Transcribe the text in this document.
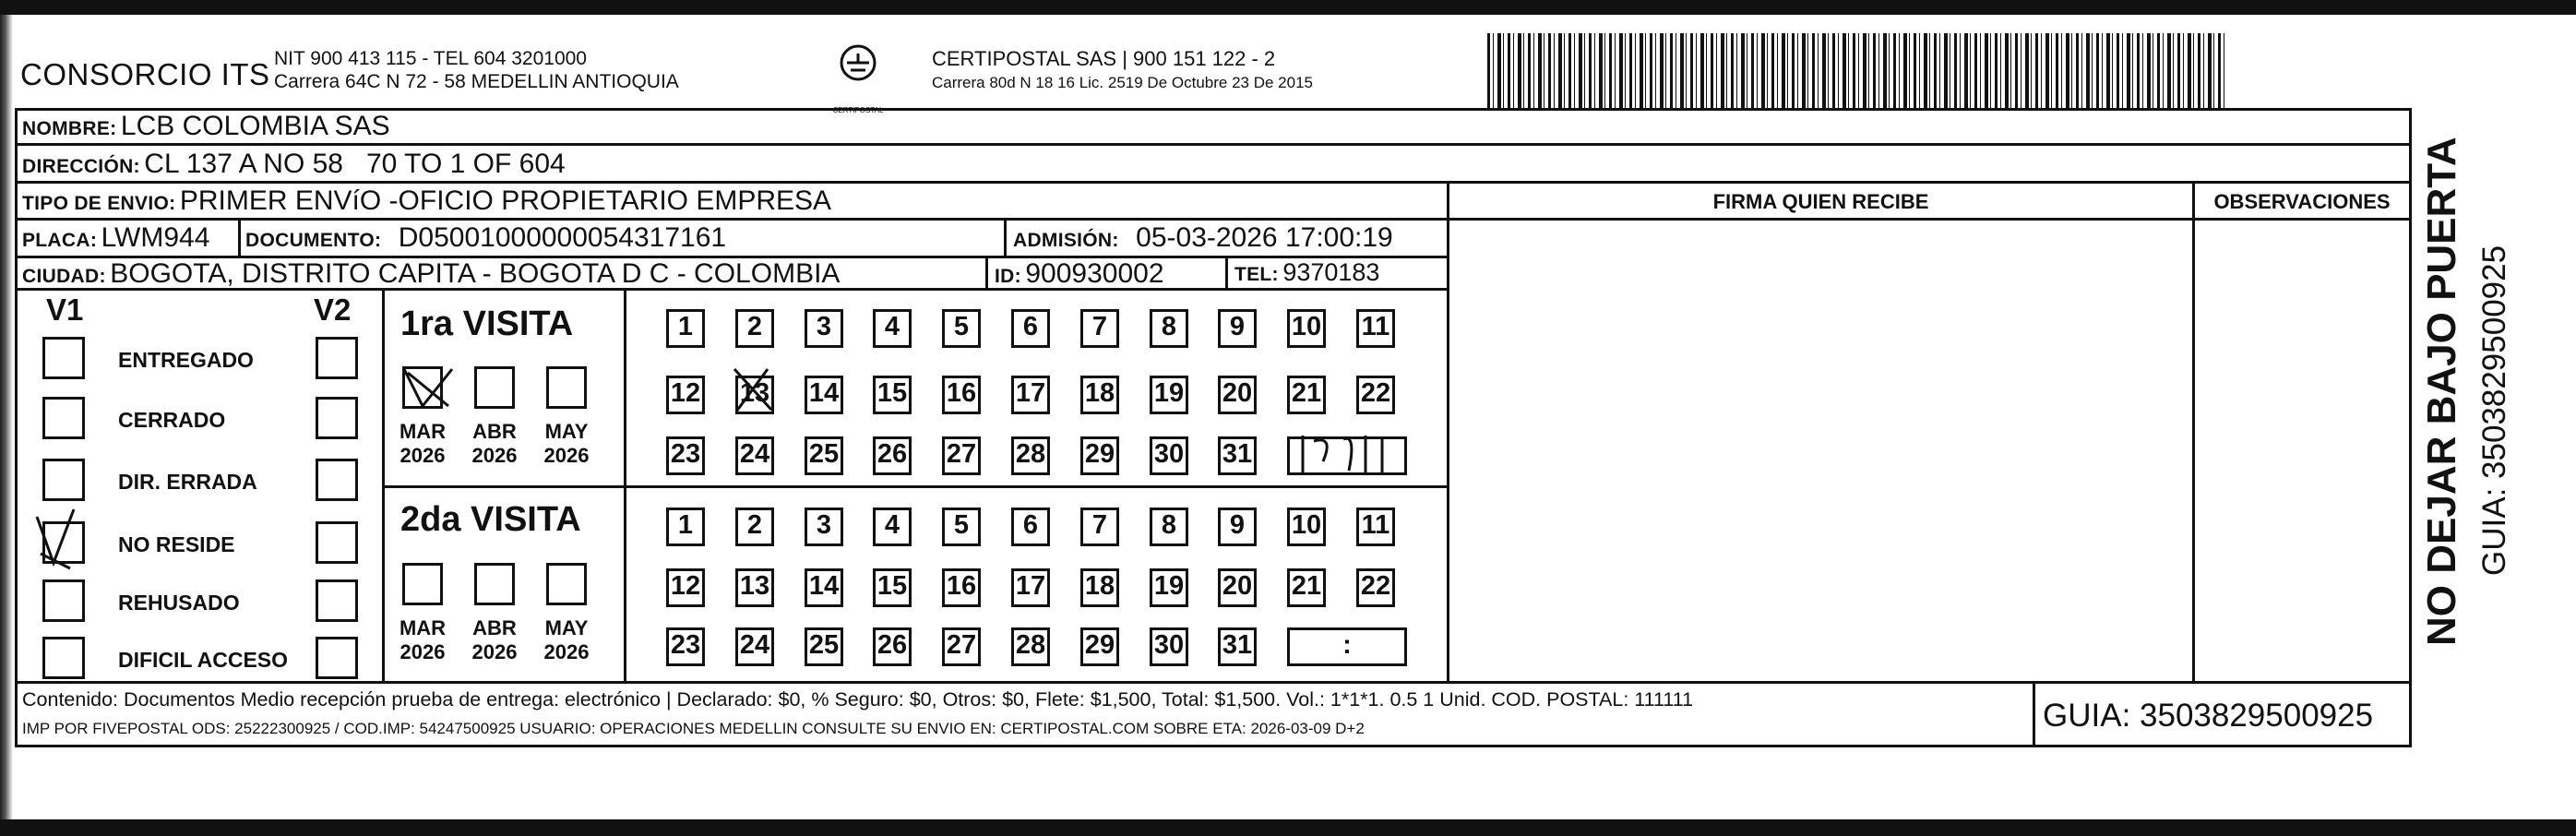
CONSORCIO ITS NIT 900 413 115 - TEL 604 3201000
Carrera 64C N 72 - 58 MEDELLIN ANTIOQUIA
CERTIPOSTAL
CERTIPOSTAL SAS | 900 151 122 - 2
Carrera 80d N 18 16 Lic. 2519 De Octubre 23 De 2015
NOMBRE: LCB COLOMBIA SAS
DIRECCIÓN: CL 137 A NO 58   70 TO 1 OF 604
TIPO DE ENVIO: PRIMER ENVíO -OFICIO PROPIETARIO EMPRESA	FIRMA QUIEN RECIBE	OBSERVACIONES
PLACA: LWM944 DOCUMENTO: D05001000000054317161	ADMISIÓN: 05-03-2026 17:00:19
CIUDAD: BOGOTA, DISTRITO CAPITA - BOGOTA D C - COLOMBIA	ID: 900930002	TEL: 9370183
V1	V2
ENTREGADO
CERRADO
DIR. ERRADA
NO RESIDE
REHUSADO
DIFICIL ACCESO
1ra VISITA
2da VISITA
MAR
2026
ABR
2026
MAY
2026
MAR
2026
ABR
2026
MAY
2026
1	2	3	4	5	6	7	8	9	10 11
12 13 14 15 16 17 18 19 20 21 22
23 24 25 26 27 28 29 30 31
1	2	3	4	5	6	7	8	9	10 11
12 13 14 15 16 17 18 19 20 21 22
23 24 25 26 27 28 29 30 31	:
Contenido: Documentos Medio recepción prueba de entrega: electrónico | Declarado: $0, % Seguro: $0, Otros: $0, Flete: $1,500, Total: $1,500. Vol.: 1*1*1. 0.5 1 Unid. COD. POSTAL: 111111
IMP POR FIVEPOSTAL ODS: 25222300925 / COD.IMP: 54247500925 USUARIO: OPERACIONES MEDELLIN CONSULTE SU ENVIO EN: CERTIPOSTAL.COM SOBRE ETA: 2026-03-09 D+2	GUIA: 3503829500925
NO DEJAR BAJO PUERTA GUIA: 3503829500925
